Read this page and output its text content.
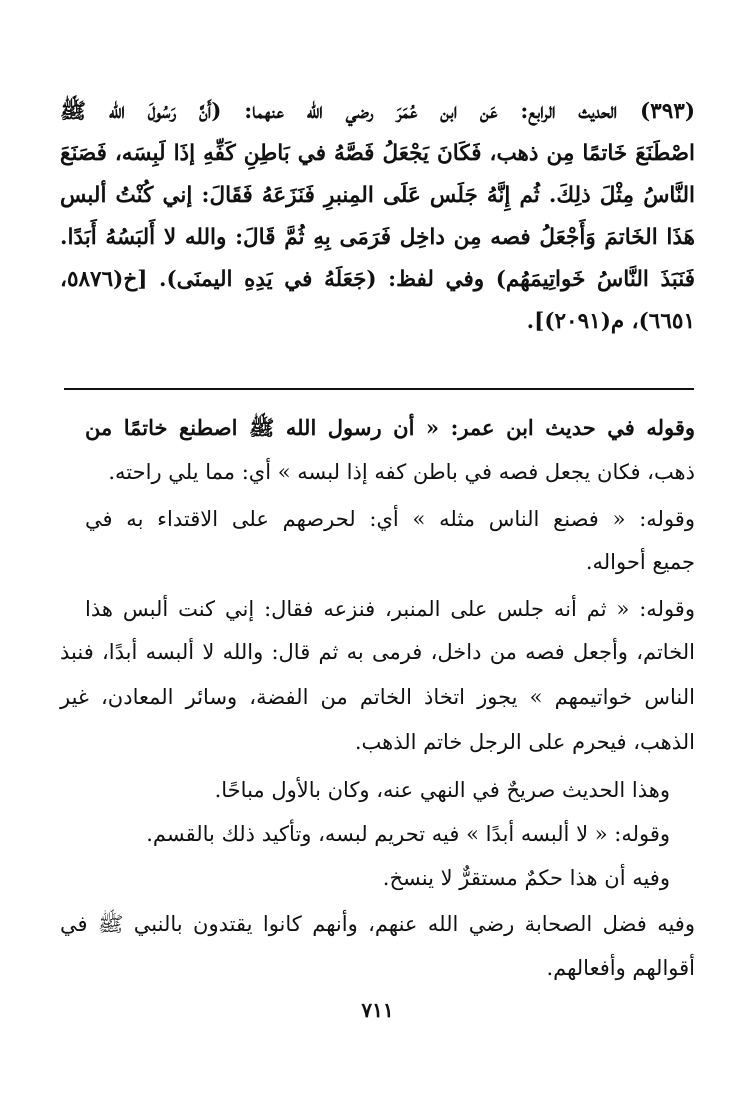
(٣٩٣) الحديث الرابع: عَن ابن عُمَرَ رضي الله عنهما: (أَنَّ رَسُولَ الله ﷺ
اصْطَنَعَ خَاتمًا مِن ذهب، فَكَانَ يَجْعَلُ فَصَّهُ في بَاطِنِ كَفِّهِ إذَا لَبِسَه، فَصَنَعَ
النَّاسُ مِثْلَ ذلِكَ. ثُم إِنَّهُ جَلَس عَلَى المِنبرِ فَنَزَعَهُ فَقَالَ: إني كُنْتُ ألبس
هَذَا الخَاتمَ وَأَجْعَلُ فصه مِن داخِل فَرَمَى بِهِ ثُمَّ قَالَ: والله لا أَلبَسُهُ أَبَدًا.
فَنَبَذَ النَّاسُ خَواتِيمَهُم) وفي لفظ: (جَعَلَهُ في يَدِهِ اليمنَى). [خ(٥٨٧٦،
٦٦٥١)، م(٢٠٩١)].
وقوله في حديث ابن عمر: « أن رسول الله ﷺ اصطنع خاتمًا من
ذهب، فكان يجعل فصه في باطن كفه إذا لبسه » أي: مما يلي راحته.
وقوله: « فصنع الناس مثله » أي: لحرصهم على الاقتداء به في
جميع أحواله.
وقوله: « ثم أنه جلس على المنبر، فنزعه فقال: إني كنت ألبس هذا
الخاتم، وأجعل فصه من داخل، فرمى به ثم قال: والله لا ألبسه أبدًا، فنبذ
الناس خواتيمهم » يجوز اتخاذ الخاتم من الفضة، وسائر المعادن، غير
الذهب، فيحرم على الرجل خاتم الذهب.
وهذا الحديث صريحٌ في النهي عنه، وكان بالأول مباحًا.
وقوله: « لا ألبسه أبدًا » فيه تحريم لبسه، وتأكيد ذلك بالقسم.
وفيه أن هذا حكمٌ مستقرٌّ لا ينسخ.
وفيه فضل الصحابة رضي الله عنهم، وأنهم كانوا يقتدون بالنبي ﷺ في
أقوالهم وأفعالهم.
٧١١
